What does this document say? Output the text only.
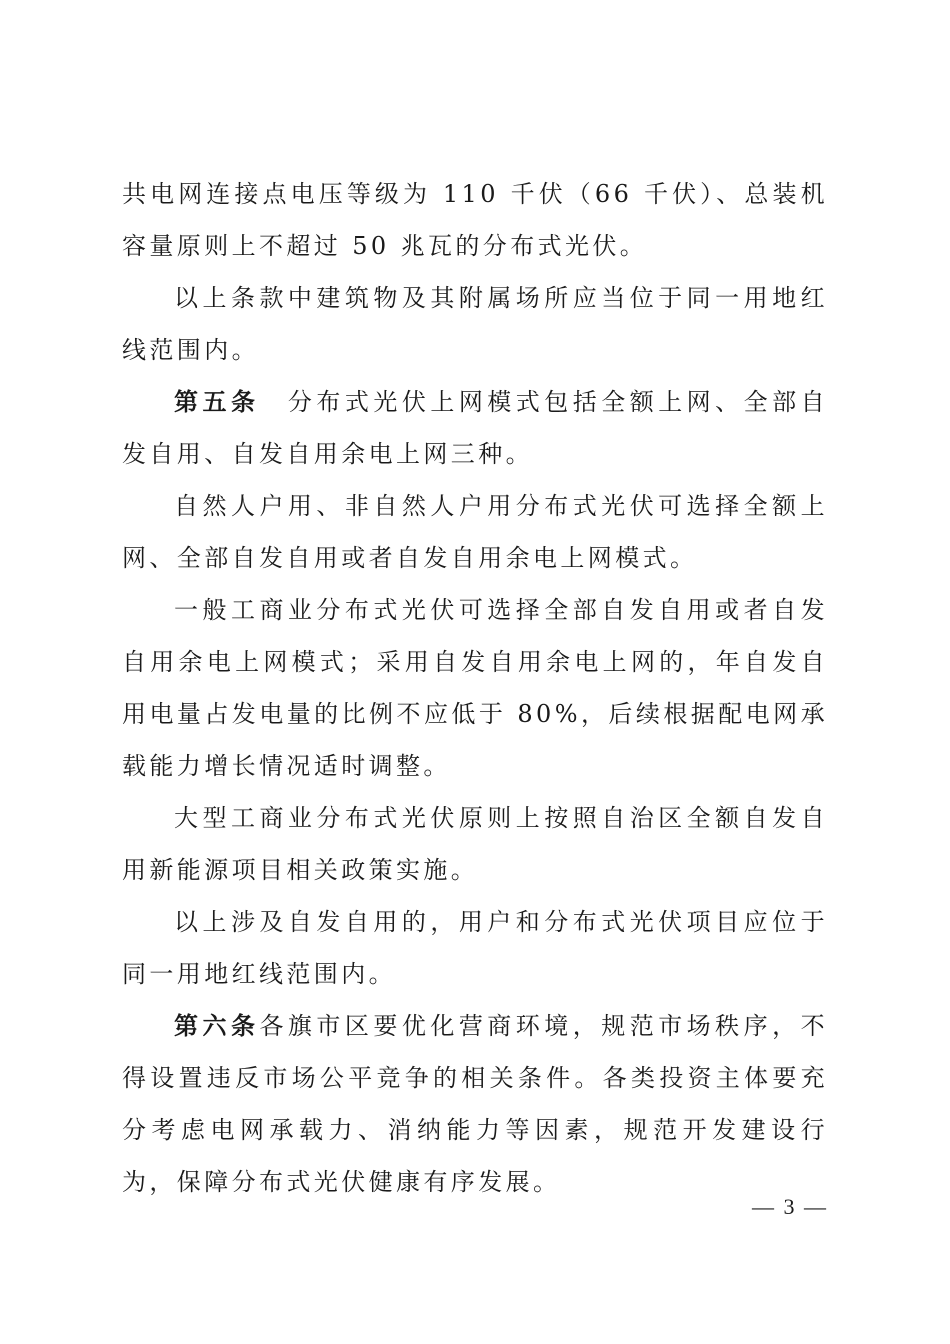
共电网连接点电压等级为 110 千伏（66 千伏）、总装机容量原则上不超过 50 兆瓦的分布式光伏。

以上条款中建筑物及其附属场所应当位于同一用地红线范围内。

第五条　分布式光伏上网模式包括全额上网、全部自发自用、自发自用余电上网三种。

自然人户用、非自然人户用分布式光伏可选择全额上网、全部自发自用或者自发自用余电上网模式。

一般工商业分布式光伏可选择全部自发自用或者自发自用余电上网模式；采用自发自用余电上网的，年自发自用电量占发电量的比例不应低于 80%，后续根据配电网承载能力增长情况适时调整。

大型工商业分布式光伏原则上按照自治区全额自发自用新能源项目相关政策实施。

以上涉及自发自用的，用户和分布式光伏项目应位于同一用地红线范围内。

第六条各旗市区要优化营商环境，规范市场秩序，不得设置违反市场公平竞争的相关条件。各类投资主体要充分考虑电网承载力、消纳能力等因素，规范开发建设行为，保障分布式光伏健康有序发展。

— 3 —
